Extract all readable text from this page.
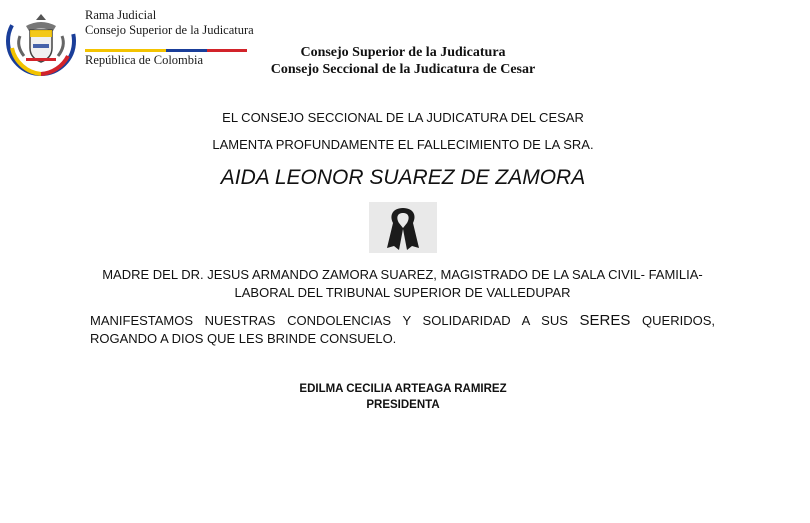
Rama Judicial
Consejo Superior de la Judicatura
República de Colombia	Consejo Superior de la Judicatura
Consejo Seccional de la Judicatura de Cesar
EL CONSEJO SECCIONAL DE LA JUDICATURA DEL CESAR
LAMENTA PROFUNDAMENTE EL FALLECIMIENTO DE LA SRA.
AIDA LEONOR SUAREZ DE ZAMORA
MADRE DEL DR. JESUS ARMANDO ZAMORA SUAREZ, MAGISTRADO DE LA SALA CIVIL- FAMILIA-
LABORAL DEL TRIBUNAL SUPERIOR DE VALLEDUPAR
MANIFESTAMOS NUESTRAS CONDOLENCIAS Y SOLIDARIDAD A SUS SERES QUERIDOS, ROGANDO A DIOS QUE LES BRINDE CONSUELO.
EDILMA CECILIA ARTEAGA RAMIREZ
PRESIDENTA
